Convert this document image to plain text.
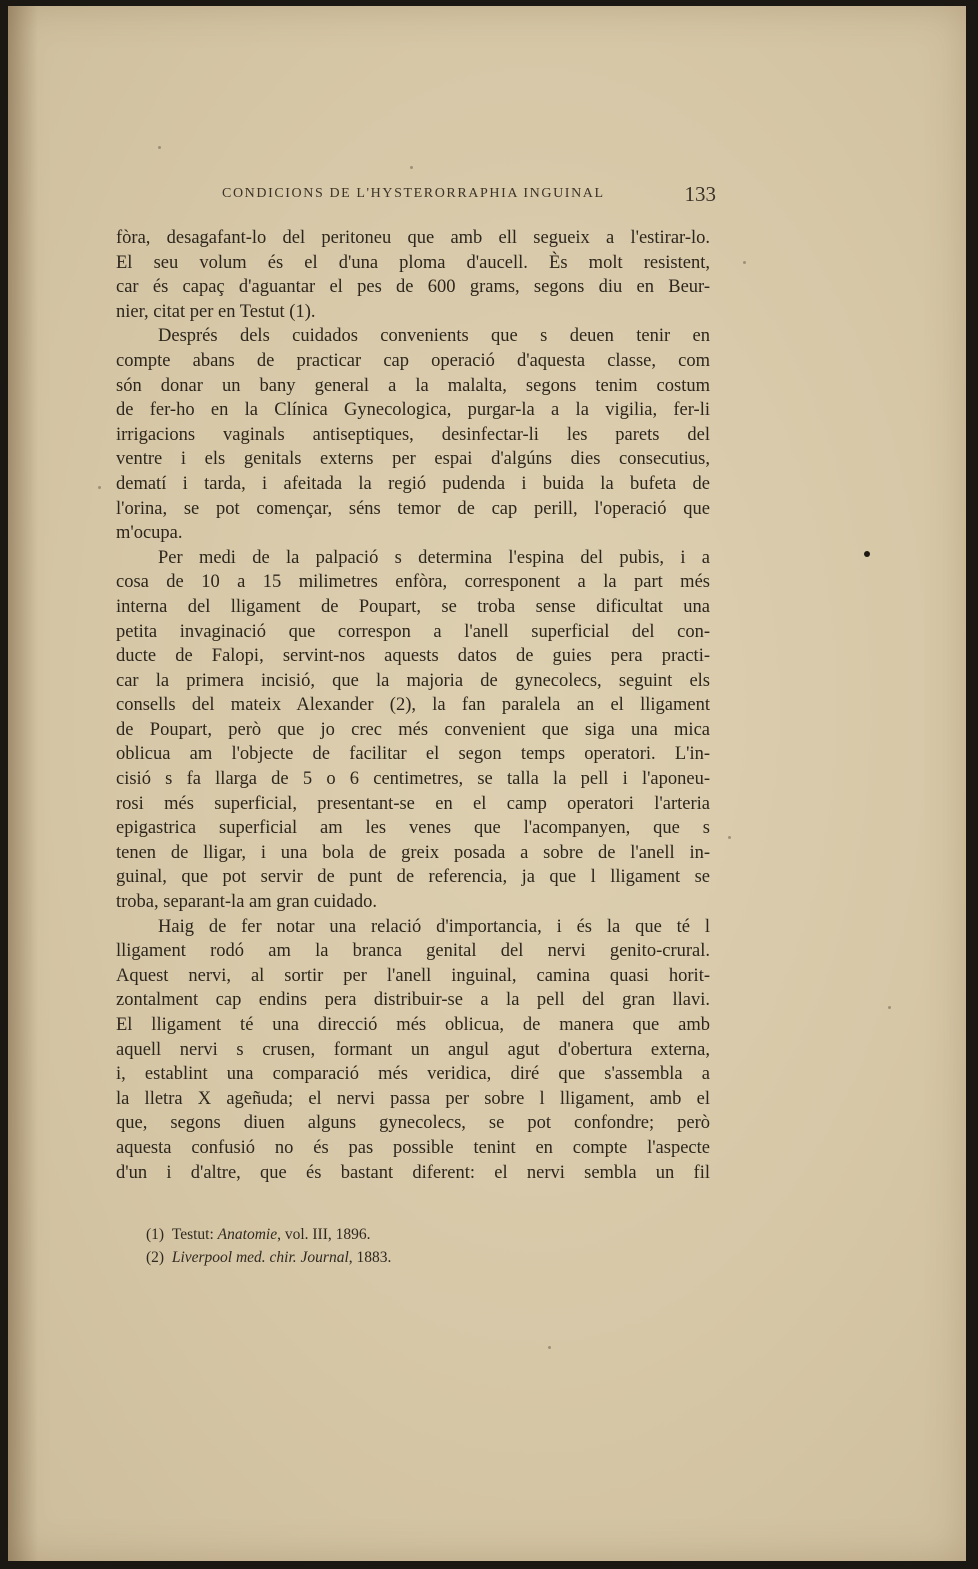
CONDICIONS DE L'HYSTERORRAPHIA INGUINAL	133
fòra, desagafant-lo del peritoneu que amb ell segueix a l'estirar-lo.
El seu volum és el d'una ploma d'aucell. Ès molt resistent,
car és capaç d'aguantar el pes de 600 grams, segons diu en Beur-
nier, citat per en Testut (1).
Després dels cuidados convenients que s deuen tenir en
compte abans de practicar cap operació d'aquesta classe, com
són donar un bany general a la malalta, segons tenim costum
de fer-ho en la Clínica Gynecologica, purgar-la a la vigilia, fer-li
irrigacions vaginals antiseptiques, desinfectar-li les parets del
ventre i els genitals externs per espai d'algúns dies consecutius,
dematí i tarda, i afeitada la regió pudenda i buida la bufeta de
l'orina, se pot començar, séns temor de cap perill, l'operació que
m'ocupa.
Per medi de la palpació s determina l'espina del pubis, i a
cosa de 10 a 15 milimetres enfòra, corresponent a la part més
interna del lligament de Poupart, se troba sense dificultat una
petita invaginació que correspon a l'anell superficial del con-
ducte de Falopi, servint-nos aquests datos de guies pera practi-
car la primera incisió, que la majoria de gynecolecs, seguint els
consells del mateix Alexander (2), la fan paralela an el lligament
de Poupart, però que jo crec més convenient que siga una mica
oblicua am l'objecte de facilitar el segon temps operatori. L'in-
cisió s fa llarga de 5 o 6 centimetres, se talla la pell i l'aponeu-
rosi més superficial, presentant-se en el camp operatori l'arteria
epigastrica superficial am les venes que l'acompanyen, que s
tenen de lligar, i una bola de greix posada a sobre de l'anell in-
guinal, que pot servir de punt de referencia, ja que l lligament se
troba, separant-la am gran cuidado.
Haig de fer notar una relació d'importancia, i és la que té l
lligament rodó am la branca genital del nervi genito-crural.
Aquest nervi, al sortir per l'anell inguinal, camina quasi horit-
zontalment cap endins pera distribuir-se a la pell del gran llavi.
El lligament té una direcció més oblicua, de manera que amb
aquell nervi s crusen, formant un angul agut d'obertura externa,
i, establint una comparació més veridica, diré que s'assembla a
la lletra X ageñuda; el nervi passa per sobre l lligament, amb el
que, segons diuen alguns gynecolecs, se pot confondre; però
aquesta confusió no és pas possible tenint en compte l'aspecte
d'un i d'altre, que és bastant diferent: el nervi sembla un fil
(1) Testut: Anatomie, vol. III, 1896.
(2) Liverpool med. chir. Journal, 1883.
